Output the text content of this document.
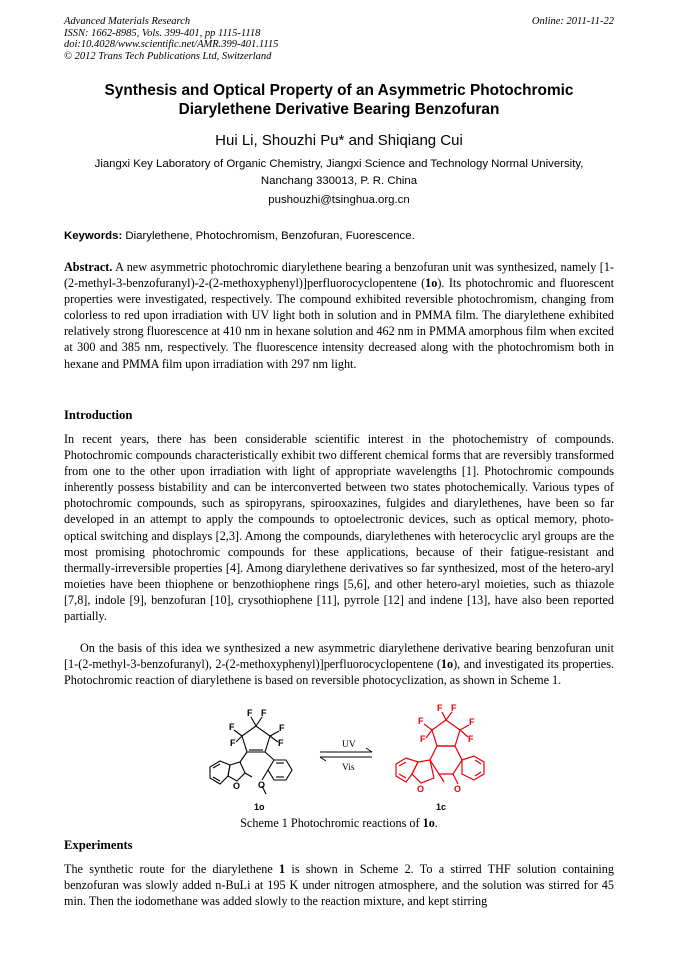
Advanced Materials Research
ISSN: 1662-8985, Vols. 399-401, pp 1115-1118
doi:10.4028/www.scientific.net/AMR.399-401.1115
© 2012 Trans Tech Publications Ltd, Switzerland
Online: 2011-11-22
Synthesis and Optical Property of an Asymmetric Photochromic
Diarylethene Derivative Bearing Benzofuran
Hui Li, Shouzhi Pu* and Shiqiang Cui
Jiangxi Key Laboratory of Organic Chemistry, Jiangxi Science and Technology Normal University,
Nanchang 330013, P. R. China
pushouzhi@tsinghua.org.cn
Keywords: Diarylethene, Photochromism, Benzofuran, Fuorescence.
Abstract. A new asymmetric photochromic diarylethene bearing a benzofuran unit was synthesized, namely [1-(2-methyl-3-benzofuranyl)-2-(2-methoxyphenyl)]perfluorocyclopentene (1o). Its photochromic and fluorescent properties were investigated, respectively. The compound exhibited reversible photochromism, changing from colorless to red upon irradiation with UV light both in solution and in PMMA film. The diarylethene exhibited relatively strong fluorescence at 410 nm in hexane solution and 462 nm in PMMA amorphous film when excited at 300 and 385 nm, respectively. The fluorescence intensity decreased along with the photochromism both in hexane and PMMA film upon irradiation with 297 nm light.
Introduction
In recent years, there has been considerable scientific interest in the photochemistry of compounds. Photochromic compounds characteristically exhibit two different chemical forms that are reversibly transformed from one to the other upon irradiation with light of appropriate wavelengths [1]. Photochromic compounds inherently possess bistability and can be interconverted between two states photochemically. Various types of photochromic compounds, such as spiropyrans, spirooxazines, fulgides and diarylethenes, have been so far developed in an attempt to apply the compounds to optoelectronic devices, such as optical memory, photo-optical switching and displays [2,3]. Among the compounds, diarylethenes with heterocyclic aryl groups are the most promising photochromic compounds for these applications, because of their fatigue-resistant and thermally-irreversible properties [4]. Among diarylethene derivatives so far synthesized, most of the hetero-aryl moieties have been thiophene or benzothiophene rings [5,6], and other hetero-aryl moieties, such as thiazole [7,8], indole [9], benzofuran [10], crysothiophene [11], pyrrole [12] and indene [13], have also been reported partially.
On the basis of this idea we synthesized a new asymmetric diarylethene derivative bearing benzofuran unit [1-(2-methyl-3-benzofuranyl), 2-(2-methoxyphenyl)]perfluorocyclopentene (1o), and investigated its properties. Photochromic reaction of diarylethene is based on reversible photocyclization, as shown in Scheme 1.
F
F
F F
F
F
O O
1o
UV
Vis
F
F
F F
F
F
O	O
1c
Scheme 1 Photochromic reactions of 1o.
Experiments
The synthetic route for the diarylethene 1 is shown in Scheme 2. To a stirred THF solution containing benzofuran was slowly added n-BuLi at 195 K under nitrogen atmosphere, and the solution was stirred for 45 min. Then the iodomethane was added slowly to the reaction mixture, and kept stirring
